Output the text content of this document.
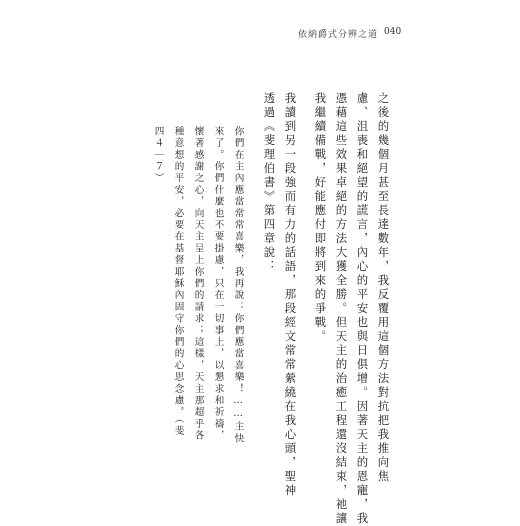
依納爵式分辨之道 040
之後的幾個月甚至長達數年，我反覆用這個方法對抗把我推向焦
慮、沮喪和絕望的謊言，內心的平安也與日俱增。因著天主的恩寵，我
憑藉這些效果卓絕的方法大獲全勝。但天主的治癒工程還沒結束，祂讓
我繼續備戰，好能應付即將到來的爭戰。
我讀到另一段強而有力的話語，那段經文常常縈繞在我心頭，聖神
透過《斐理伯書》第四章說：
你們在主內應當常常喜樂，我再說：你們應當喜樂！……主快
來了。你們什麼也不要掛慮，只在一切事上，以懇求和祈禱，
懷著感謝之心，向天主呈上你們的請求；這樣，天主那超乎各
種意想的平安，必要在基督耶穌內固守你們的心思念慮。（斐
四４｜７）
